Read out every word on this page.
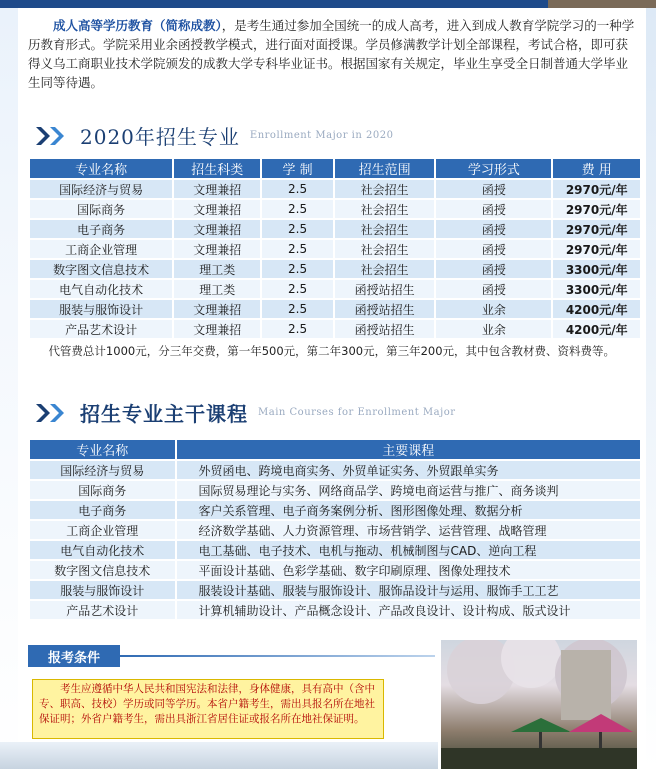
成人高等学历教育（简称成教），是考生通过参加全国统一的成人高考，进入到成人教育学院学习的一种学历教育形式。学院采用业余函授教学模式，进行面对面授课。学员修满教学计划全部课程，考试合格，即可获得义乌工商职业技术学院颁发的成教大学专科毕业证书。根据国家有关规定，毕业生享受全日制普通大学毕业生同等待遇。
2020年招生专业 Enrollment Major in 2020
专业名称	招生科类	学 制	招生范围	学习形式	费 用
国际经济与贸易	文理兼招	2.5	社会招生	函授	2970元/年
国际商务	文理兼招	2.5	社会招生	函授	2970元/年
电子商务	文理兼招	2.5	社会招生	函授	2970元/年
工商企业管理	文理兼招	2.5	社会招生	函授	2970元/年
数字图文信息技术	理工类	2.5	社会招生	函授	3300元/年
电气自动化技术	理工类	2.5	函授站招生	函授	3300元/年
服装与服饰设计	文理兼招	2.5	函授站招生	业余	4200元/年
产品艺术设计	文理兼招	2.5	函授站招生	业余	4200元/年
代管费总计1000元，分三年交费，第一年500元，第二年300元，第三年200元，其中包含教材费、资料费等。
招生专业主干课程 Main Courses for Enrollment Major
专业名称	主要课程
国际经济与贸易	外贸函电、跨境电商实务、外贸单证实务、外贸跟单实务
国际商务	国际贸易理论与实务、网络商品学、跨境电商运营与推广、商务谈判
电子商务	客户关系管理、电子商务案例分析、图形图像处理、数据分析
工商企业管理	经济数学基础、人力资源管理、市场营销学、运营管理、战略管理
电气自动化技术	电工基础、电子技术、电机与拖动、机械制图与CAD、逆向工程
数字图文信息技术	平面设计基础、色彩学基础、数字印刷原理、图像处理技术
服装与服饰设计	服装设计基础、服装与服饰设计、服饰品设计与运用、服饰手工工艺
产品艺术设计	计算机辅助设计、产品概念设计、产品改良设计、设计构成、版式设计
报考条件
考生应遵循中华人民共和国宪法和法律，身体健康，具有高中（含中专、职高、技校）学历或同等学历。本省户籍考生，需出具报名所在地社保证明；外省户籍考生，需出具浙江省居住证或报名所在地社保证明。
